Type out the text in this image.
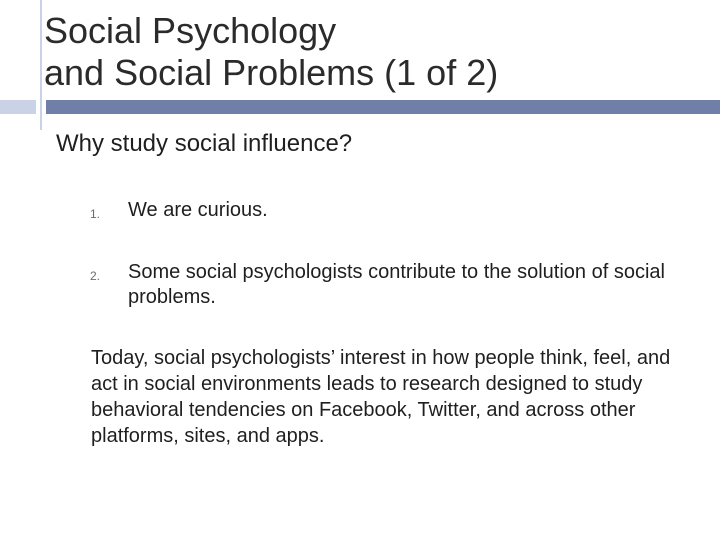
Social Psychology
and Social Problems (1 of 2)
Why study social influence?
1. We are curious.
2. Some social psychologists contribute to the solution of social problems.

Today, social psychologists’ interest in how people think, feel, and act in social environments leads to research designed to study behavioral tendencies on Facebook, Twitter, and across other platforms, sites, and apps.
